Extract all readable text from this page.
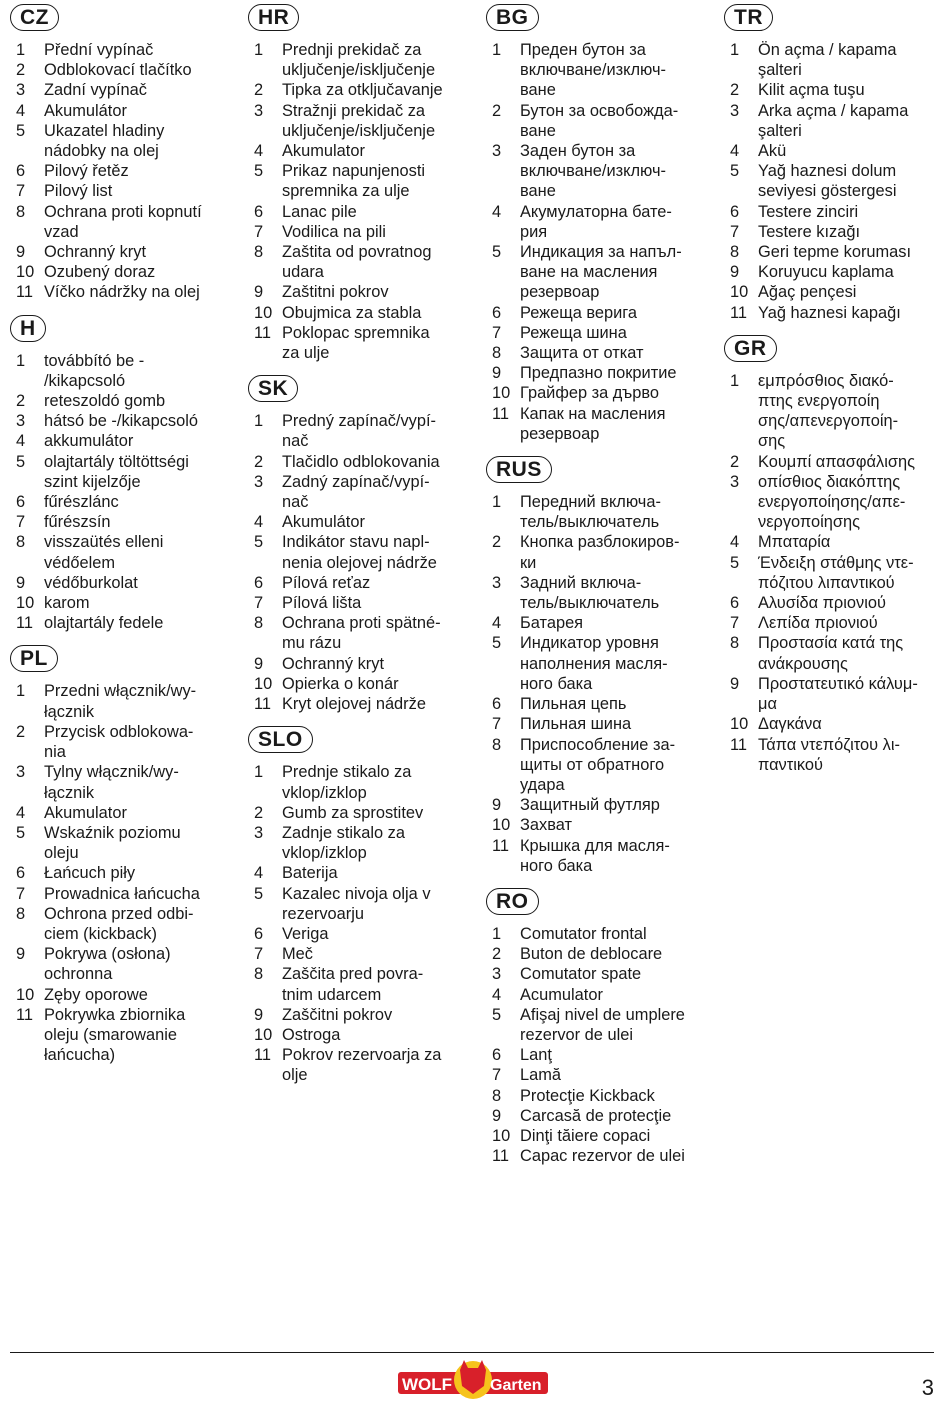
CZ
1	Přední vypínač
2	Odblokovací tlačítko
3	Zadní vypínač
4	Akumulátor
5	Ukazatel hladiny
nádobky na olej
6	Pilový řetěz
7	Pilový list
8	Ochrana proti kopnutí
vzad
9	Ochranný kryt
10 Ozubený doraz
11 Víčko nádržky na olej
H
1	továbbító be -
/kikapcsoló
2	reteszoldó gomb
3	hátsó be -/kikapcsoló
4	akkumulátor
5	olajtartály töltöttségi
szint kijelzője
6	fűrészlánc
7	fűrészsín
8	visszaütés elleni
védőelem
9	védőburkolat
10 karom
11 olajtartály fedele
PL
1	Przedni włącznik/wy-
łącznik
2	Przycisk odblokowa-
nia
3	Tylny włącznik/wy-
łącznik
4	Akumulator
5	Wskaźnik poziomu
oleju
6	Łańcuch piły
7	Prowadnica łańcucha
8	Ochrona przed odbi-
ciem (kickback)
9	Pokrywa (osłona)
ochronna
10 Zęby oporowe
11 Pokrywka zbiornika
oleju (smarowanie
łańcucha)
HR
1	Prednji prekidač za
uključenje/isključenje
2	Tipka za otključavanje
3	Stražnji prekidač za
uključenje/isključenje
4	Akumulator
5	Prikaz napunjenosti
spremnika za ulje
6	Lanac pile
7	Vodilica na pili
8	Zaštita od povratnog
udara
9	Zaštitni pokrov
10 Obujmica za stabla
11 Poklopac spremnika
za ulje
SK
1	Predný zapínač/vypí-
nač
2	Tlačidlo odblokovania
3	Zadný zapínač/vypí-
nač
4	Akumulátor
5	Indikátor stavu napl-
nenia olejovej nádrže
6	Pílová reťaz
7	Pílová lišta
8	Ochrana proti spätné-
mu rázu
9	Ochranný kryt
10 Opierka o konár
11 Kryt olejovej nádrže
SLO
1	Prednje stikalo za
vklop/izklop
2	Gumb za sprostitev
3	Zadnje stikalo za
vklop/izklop
4	Baterija
5	Kazalec nivoja olja v
rezervoarju
6	Veriga
7	Meč
8	Zaščita pred povra-
tnim udarcem
9	Zaščitni pokrov
10 Ostroga
11 Pokrov rezervoarja za
olje
BG
1	Преден бутон за
включване/изключ-
ване
2	Бутон за освобожда-
ване
3	Заден бутон за
включване/изключ-
ване
4	Акумулаторна бате-
рия
5	Индикация за напъл-
ване на масления
резервоар
6	Режеща верига
7	Режеща шина
8	Защита от откат
9	Предпазно покритие
10 Грайфер за дърво
11 Капак на масления
резервоар
RUS
1	Передний включа-
тель/выключатель
2	Кнопка разблокиров-
ки
3	Задний включа-
тель/выключатель
4	Батарея
5	Индикатор уровня
наполнения масля-
ного бака
6	Пильная цепь
7	Пильная шина
8	Приспособление за-
щиты от обратного
удара
9	Защитный футляр
10 Захват
11 Крышка для масля-
ного бака
RO
1	Comutator frontal
2	Buton de deblocare
3	Comutator spate
4	Acumulator
5	Afişaj nivel de umplere
rezervor de ulei
6	Lanţ
7	Lamă
8	Protecţie Kickback
9	Carcasă de protecţie
10 Dinţi tăiere copaci
11 Capac rezervor de ulei
TR
1	Ön açma / kapama
şalteri
2	Kilit açma tuşu
3	Arka açma / kapama
şalteri
4	Akü
5	Yağ haznesi dolum
seviyesi göstergesi
6	Testere zinciri
7	Testere kızağı
8	Geri tepme koruması
9	Koruyucu kaplama
10 Ağaç pençesi
11 Yağ haznesi kapağı
GR
1	εμπρόσθιος διακό-
πτης ενεργοποίη
σης/απενεργοποίη-
σης
2	Κουμπί απασφάλισης
3	οπίσθιος διακόπτης
ενεργοποίησης/απε-
νεργοποίησης
4	Μπαταρία
5	Ένδειξη στάθμης ντε-
πόζιτου λιπαντικού
6	Αλυσίδα πριονιού
7	Λεπίδα πριονιού
8	Προστασία κατά της
ανάκρουσης
9	Προστατευτικό κάλυμ-
μα
10 Δαγκάνα
11 Τάπα ντεπόζιτου λι-
παντικού
WOLF Garten	3
